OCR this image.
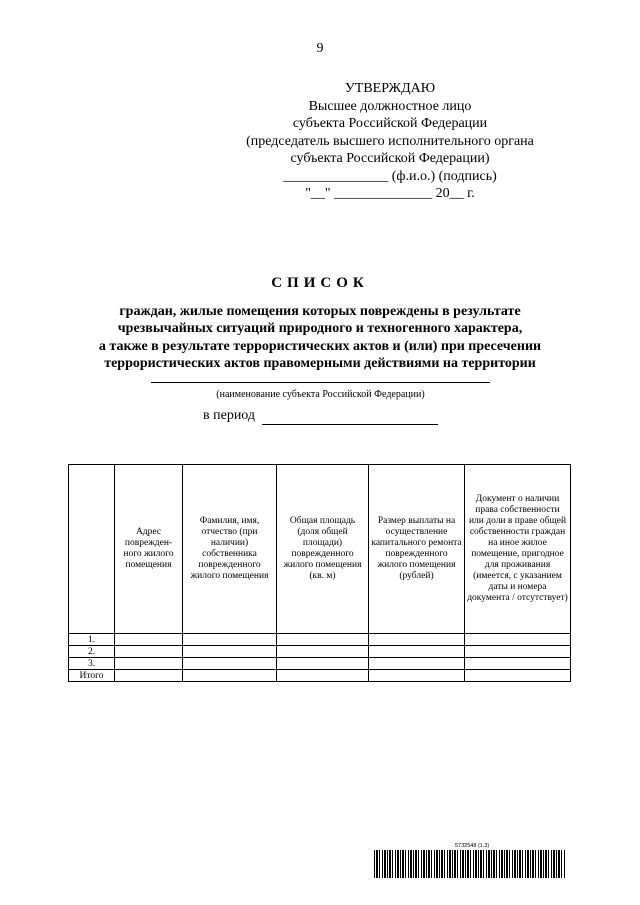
9
УТВЕРЖДАЮ
Высшее должностное лицо
субъекта Российской Федерации
(председатель высшего исполнительного органа
субъекта Российской Федерации)
_______________ (ф.и.о.) (подпись)
"__" ______________ 20__ г.
СПИСОК
граждан, жилые помещения которых повреждены в результате
чрезвычайных ситуаций природного и техногенного характера,
а также в результате террористических актов и (или) при пресечении
террористических актов правомерными действиями на территории
(наименование субъекта Российской Федерации)
в период
	Адрес поврежден-ного жилого помещения	Фамилия, имя, отчество (при наличии) собственника поврежденного жилого помещения	Общая площадь (доля общей площади) поврежденного жилого помещения (кв. м)	Размер выплаты на осуществление капитального ремонта поврежденного жилого помещения (рублей)	Документ о наличии права собственности или доли в праве общей собственности граждан на иное жилое помещение, пригодное для проживания (имеется, с указанием даты и номера документа / отсутствует)
1.					
2.					
3.					
Итого					
5732548 (1.3)
